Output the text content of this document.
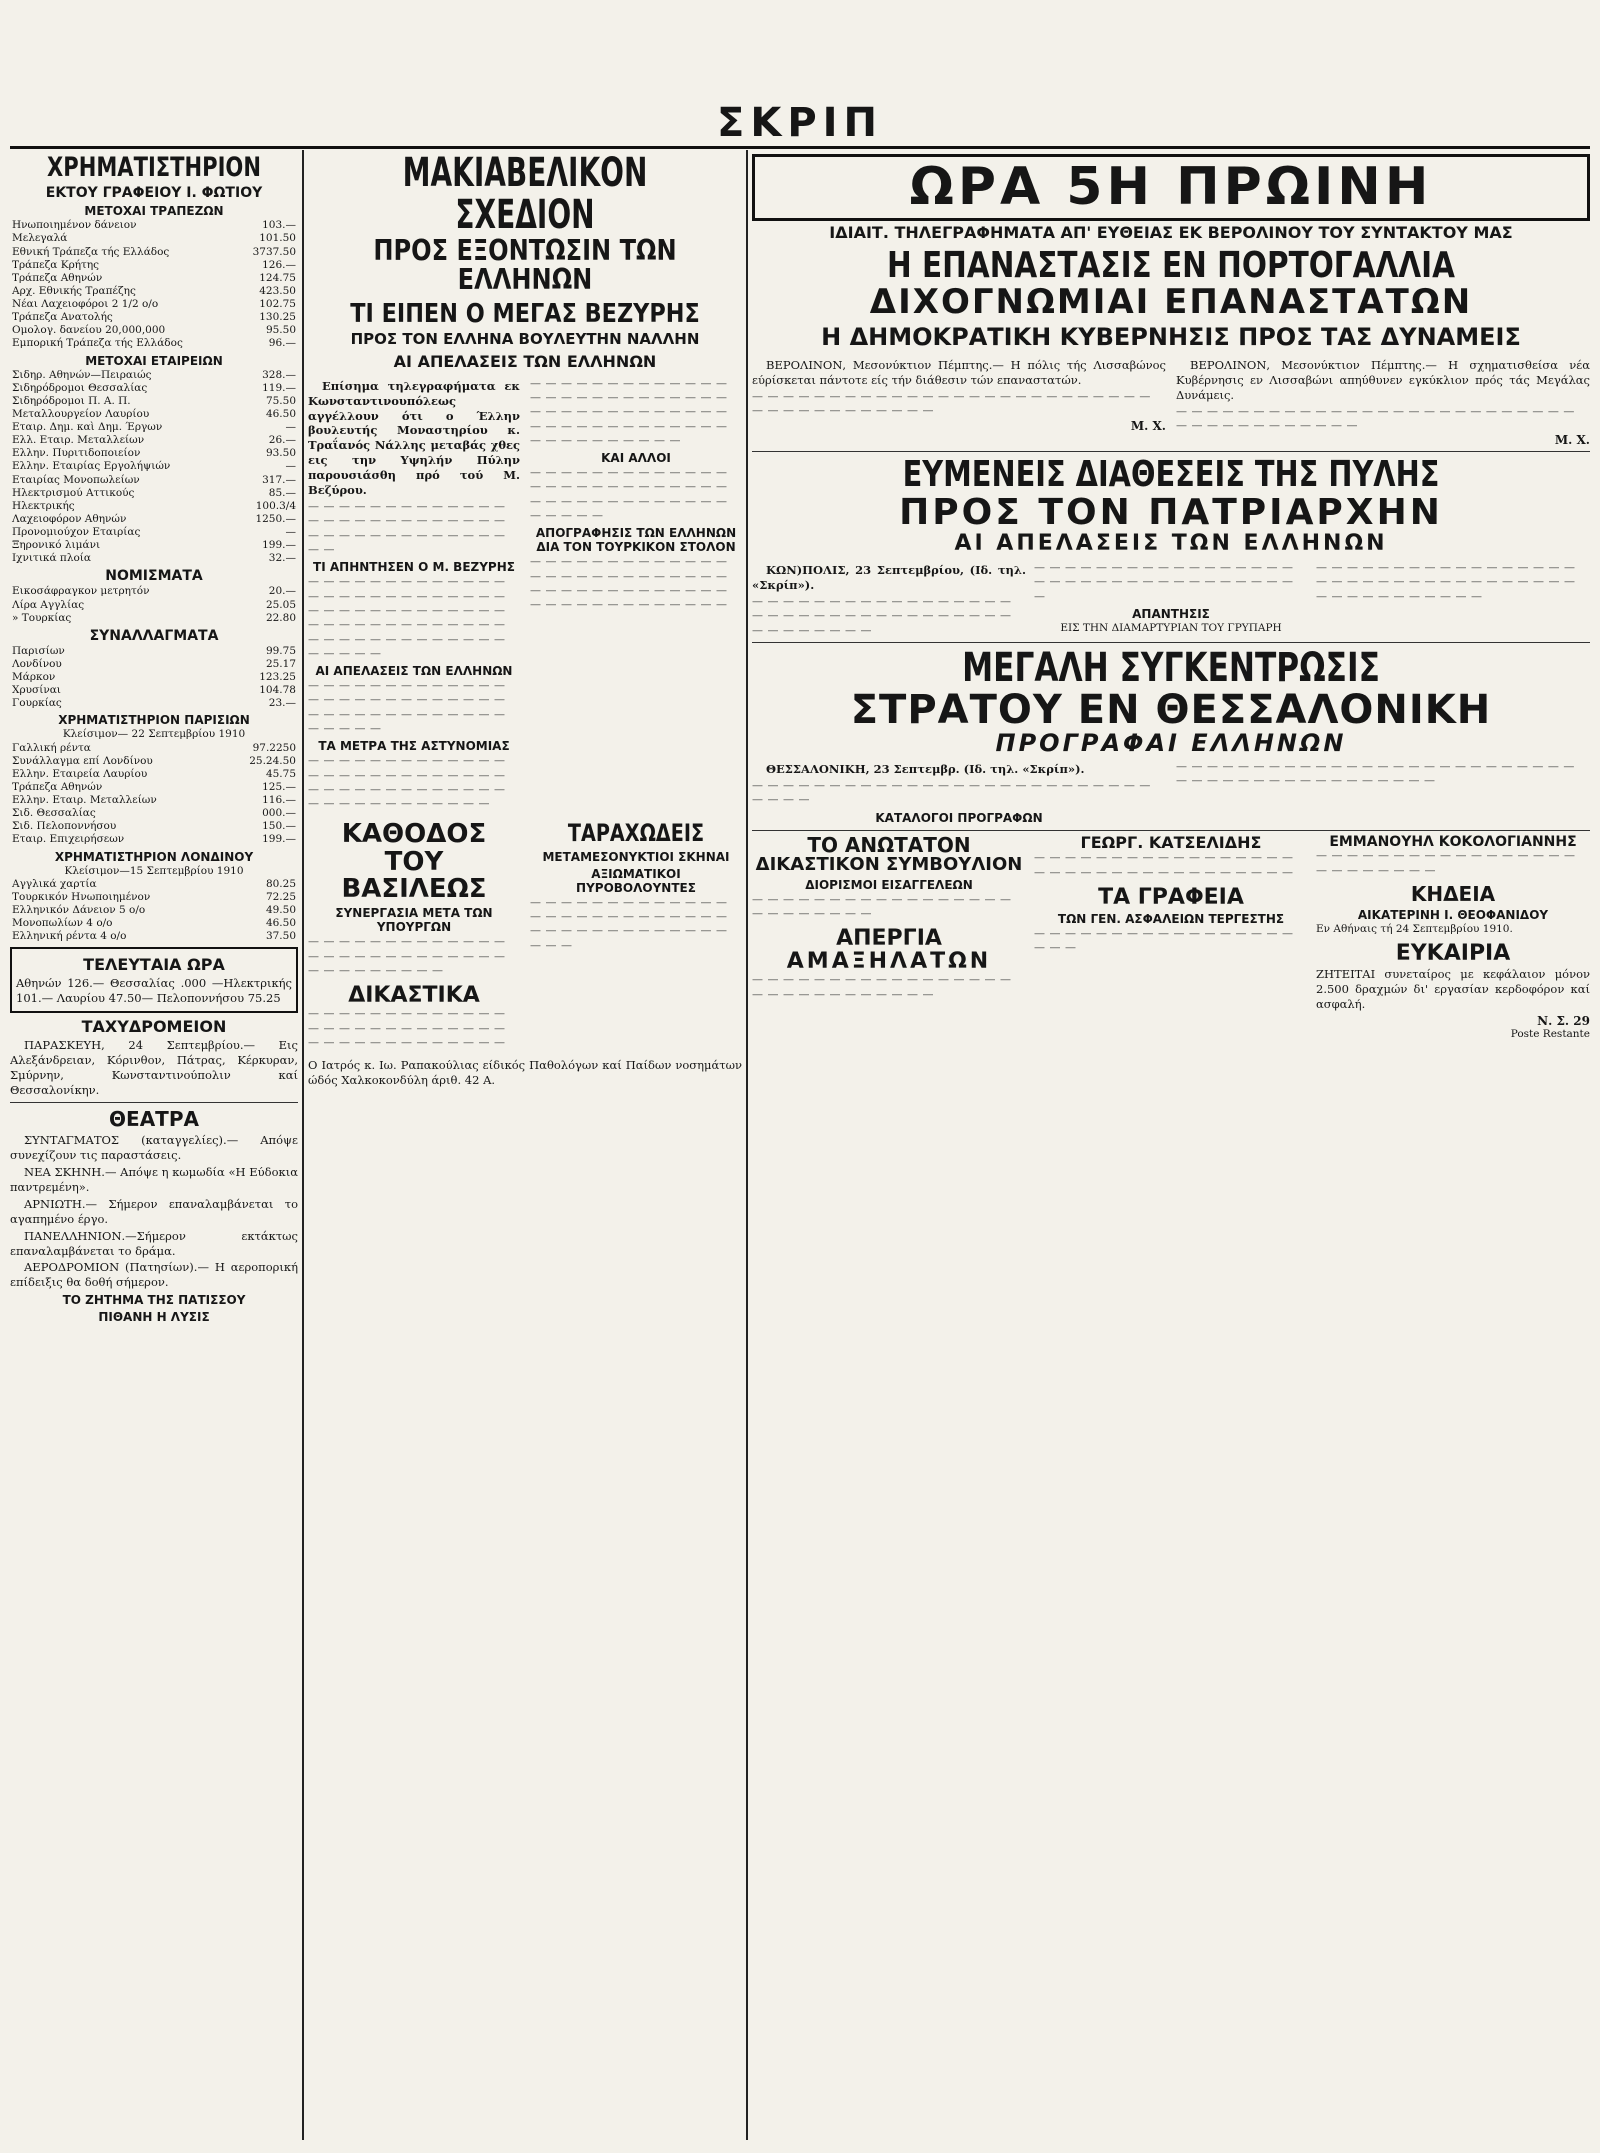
ΣΚΡΙΠ
ΧΡΗΜΑΤΙΣΤΗΡΙΟΝ
ΕΚΤΟΥ ΓΡΑΦΕΙΟΥ Ι. ΦΩΤΙΟΥ
ΜΕΤΟΧΑΙ ΤΡΑΠΕΖΩΝ
Ηνωποιημένον δάνειον	103.—
Μελεγαλά	101.50
Εθνική Τράπεζα τής Ελλάδος	3737.50
Τράπεζα Κρήτης	126.—
Τράπεζα Αθηνών	124.75
Αρχ. Εθνικής Τραπέζης	423.50
Νέαι Λαχειοφόροι 2 1/2 ο/ο	102.75
Τράπεζα Ανατολής	130.25
Ομολογ. δανείου 20,000,000	95.50
Εμπορική Τράπεζα τής Ελλάδος	96.—
ΜΕΤΟΧΑΙ ΕΤΑΙΡΕΙΩΝ
Σιδηρ. Αθηνών—Πειραιώς	328.—
Σιδηρόδρομοι Θεσσαλίας	119.—
Σιδηρόδρομοι Π. Α. Π.	75.50
Μεταλλουργείον Λαυρίου	46.50
Εταιρ. Δημ. καὶ Δημ. Έργων	—
Ελλ. Εταιρ. Μεταλλείων	26.—
Ελλην. Πυριτιδοποιείον	93.50
Ελλην. Εταιρίας Εργολήψιών	—
Εταιρίας Μονοπωλείων	317.—
Ηλεκτρισμού Αττικούς	85.—
Ηλεκτρικής	100.3/4
Λαχειοφόρον Αθηνών	1250.—
Προνομιούχον Εταιρίας	—
Ξηρονικό λιμάνι	199.—
Ιχνιτικά πλοία	32.—
ΝΟΜΙΣΜΑΤΑ
Εικοσάφραγκον μετρητόν	20.—
Λίρα Αγγλίας	25.05
» Τουρκίας	22.80
ΣΥΝΑΛΛΑΓΜΑΤΑ
Παρισίων	99.75
Λονδίνου	25.17
Μάρκον	123.25
Χρυσίναι	104.78
Γουρκίας	23.—
ΧΡΗΜΑΤΙΣΤΗΡΙΟΝ ΠΑΡΙΣΙΩΝ
Κλείσιμον— 22 Σεπτεμβρίου 1910
Γαλλική ρέντα	97.2250
Συνάλλαγμα επί Λονδίνου	25.24.50
Ελλην. Εταιρεία Λαυρίου	45.75
Τράπεζα Αθηνών	125.—
Ελλην. Εταιρ. Μεταλλείων	116.—
Σιδ. Θεσσαλίας	000.—
Σιδ. Πελοποννήσου	150.—
Εταιρ. Επιχειρήσεων	199.—
ΧΡΗΜΑΤΙΣΤΗΡΙΟΝ ΛΟΝΔΙΝΟΥ
Κλείσιμον—15 Σεπτεμβρίου 1910
Αγγλικά χαρτία	80.25
Τουρκικόν Ηνωποιημένον	72.25
Ελληνικόν Δάνειον 5 ο/ο	49.50
Μονοπωλίων 4 ο/ο	46.50
Ελληνική ρέντα 4 ο/ο	37.50
ΤΕΛΕΥΤΑΙΑ ΩΡΑ
Αθηνών 126.— Θεσσαλίας .000 —Ηλεκτρικής 101.— Λαυρίου 47.50— Πελοποννήσου 75.25
ΤΑΧΥΔΡΟΜΕΙΟΝ
ΠΑΡΑΣΚΕΥΗ, 24 Σεπτεμβρίου.— Εις Αλεξάνδρειαν, Κόρινθον, Πάτρας, Κέρκυραν, Σμύρνην, Κωνσταντινούπολιν καί Θεσσαλονίκην.
ΘΕΑΤΡΑ
ΣΥΝΤΑΓΜΑΤΟΣ (καταγγελίες).— Απόψε συνεχίζουν τις παραστάσεις.
ΝΕΑ ΣΚΗΝΗ.— Απόψε η κωμωδία «Η Εύδοκια παντρεμένη».
ΑΡΝΙΩΤΗ.— Σήμερον επαναλαμβάνεται το αγαπημένο έργο.
ΠΑΝΕΛΛΗΝΙΟΝ.—Σήμερον εκτάκτως επαναλαμβάνεται το δράμα.
ΑΕΡΟΔΡΟΜΙΟΝ (Πατησίων).— Η αεροπορική επίδειξις θα δοθή σήμερον.
ΤΟ ΖΗΤΗΜΑ ΤΗΣ ΠΑΤΙΣΣΟΥ
ΠΙΘΑΝΗ Η ΛΥΣΙΣ
ΜΑΚΙΑΒΕΛΙΚΟΝ ΣΧΕΔΙΟΝ
ΠΡΟΣ ΕΞΟΝΤΩΣΙΝ ΤΩΝ ΕΛΛΗΝΩΝ
ΤΙ ΕΙΠΕΝ Ο ΜΕΓΑΣ ΒΕΖΥΡΗΣ
ΠΡΟΣ ΤΟΝ ΕΛΛΗΝΑ ΒΟΥΛΕΥΤΗΝ ΝΑΛΛΗΝ
ΑΙ ΑΠΕΛΑΣΕΙΣ ΤΩΝ ΕΛΛΗΝΩΝ
Επίσημα τηλεγραφήματα εκ Κωνσταντινουπόλεως αγγέλλουν ότι ο Έλλην βουλευτής Μοναστηρίου κ. Τραΐανός Νάλλης μεταβάς χθες εις την Υψηλήν Πύλην παρουσιάσθη πρό τού Μ. Βεζύρου.
— — — — — — — — — — — — — — — — — — — — — — — — — — — — — — — — — — — — — — — — —
ΤΙ ΑΠΗΝΤΗΣΕΝ Ο Μ. ΒΕΖΥΡΗΣ
— — — — — — — — — — — — — — — — — — — — — — — — — — — — — — — — — — — — — — — — — — — — — — — — — — — — — — — — — — — — — — — — — — — — — —
ΑΙ ΑΠΕΛΑΣΕΙΣ ΤΩΝ ΕΛΛΗΝΩΝ
— — — — — — — — — — — — — — — — — — — — — — — — — — — — — — — — — — — — — — — — — — — —
ΤΑ ΜΕΤΡΑ ΤΗΣ ΑΣΤΥΝΟΜΙΑΣ
— — — — — — — — — — — — — — — — — — — — — — — — — — — — — — — — — — — — — — — — — — — — — — — — — — —
— — — — — — — — — — — — — — — — — — — — — — — — — — — — — — — — — — — — — — — — — — — — — — — — — — — — — — — — — — — — — —
ΚΑΙ ΑΛΛΟΙ
— — — — — — — — — — — — — — — — — — — — — — — — — — — — — — — — — — — — — — — — — — — —
ΑΠΟΓΡΑΦΗΣΙΣ ΤΩΝ ΕΛΛΗΝΩΝ ΔΙΑ ΤΟΝ ΤΟΥΡΚΙΚΟΝ ΣΤΟΛΟΝ
— — — — — — — — — — — — — — — — — — — — — — — — — — — — — — — — — — — — — — — — — — — — — — — — — — — —
ΚΑΘΟΔΟΣ
ΤΟΥ ΒΑΣΙΛΕΩΣ
ΣΥΝΕΡΓΑΣΙΑ ΜΕΤΑ ΤΩΝ ΥΠΟΥΡΓΩΝ
— — — — — — — — — — — — — — — — — — — — — — — — — — — — — — — — — — —
ΔΙΚΑΣΤΙΚΑ
— — — — — — — — — — — — — — — — — — — — — — — — — — — — — — — — — — — — — — —
ΤΑΡΑΧΩΔΕΙΣ
ΜΕΤΑΜΕΣΟΝΥΚΤΙΟΙ ΣΚΗΝΑΙ
ΑΞΙΩΜΑΤΙΚΟΙ ΠΥΡΟΒΟΛΟΥΝΤΕΣ
— — — — — — — — — — — — — — — — — — — — — — — — — — — — — — — — — — — — — — — — — —
Ο Ιατρός κ. Ιω. Ραπακούλιας είδικός Παθολόγων καί Παίδων νοσημάτων ώδός Χαλκοκονδύλη άριθ. 42 Α.
ΩΡΑ 5Η ΠΡΩΙΝΗ
ΙΔΙΑΙΤ. ΤΗΛΕΓΡΑΦΗΜΑΤΑ ΑΠ' ΕΥΘΕΙΑΣ ΕΚ ΒΕΡΟΛΙΝΟΥ ΤΟΥ ΣΥΝΤΑΚΤΟΥ ΜΑΣ
Η ΕΠΑΝΑΣΤΑΣΙΣ ΕΝ ΠΟΡΤΟΓΑΛΛΙΑ
ΔΙΧΟΓΝΩΜΙΑΙ ΕΠΑΝΑΣΤΑΤΩΝ
Η ΔΗΜΟΚΡΑΤΙΚΗ ΚΥΒΕΡΝΗΣΙΣ ΠΡΟΣ ΤΑΣ ΔΥΝΑΜΕΙΣ
ΒΕΡΟΛΙΝΟΝ, Μεσονύκτιον Πέμπτης.— Η πόλις τής Λισσαβώνος εύρίσκεται πάντοτε είς τήν διάθεσιν τών επαναστατών.
— — — — — — — — — — — — — — — — — — — — — — — — — — — — — — — — — — — — — —
Μ. Χ.
ΒΕΡΟΛΙΝΟΝ, Μεσονύκτιον Πέμπτης.— Η σχηματισθείσα νέα Κυβέρνησις εν Λισσαβώνι απηύθυνεν εγκύκλιον πρός τάς Μεγάλας Δυνάμεις.
— — — — — — — — — — — — — — — — — — — — — — — — — — — — — — — — — — — — — —
Μ. Χ.
ΕΥΜΕΝΕΙΣ ΔΙΑΘΕΣΕΙΣ ΤΗΣ ΠΥΛΗΣ
ΠΡΟΣ ΤΟΝ ΠΑΤΡΙΑΡΧΗΝ
ΑΙ ΑΠΕΛΑΣΕΙΣ ΤΩΝ ΕΛΛΗΝΩΝ
ΚΩΝ)ΠΟΛΙΣ, 23 Σεπτεμβρίου, (Ιδ. τηλ. «Σκρίπ»).
— — — — — — — — — — — — — — — — — — — — — — — — — — — — — — — — — — — — — — — — — —
— — — — — — — — — — — — — — — — — — — — — — — — — — — — — — — — — — —
ΑΠΑΝΤΗΣΙΣ
ΕΙΣ ΤΗΝ ΔΙΑΜΑΡΤΥΡΙΑΝ ΤΟΥ ΓΡΥΠΑΡΗ
— — — — — — — — — — — — — — — — — — — — — — — — — — — — — — — — — — — — — — — — — — — — —
ΜΕΓΑΛΗ ΣΥΓΚΕΝΤΡΩΣΙΣ
ΣΤΡΑΤΟΥ ΕΝ ΘΕΣΣΑΛΟΝΙΚΗ
ΠΡΟΓΡΑΦΑΙ ΕΛΛΗΝΩΝ
ΘΕΣΣΑΛΟΝΙΚΗ, 23 Σεπτεμβρ. (Ιδ. τηλ. «Σκρίπ»).
— — — — — — — — — — — — — — — — — — — — — — — — — — — — — —
ΚΑΤΑΛΟΓΟΙ ΠΡΟΓΡΑΦΩΝ
— — — — — — — — — — — — — — — — — — — — — — — — — — — — — — — — — — — — — — — — — — —
ΤΟ ΑΝΩΤΑΤΟΝ
ΔΙΚΑΣΤΙΚΟΝ ΣΥΜΒΟΥΛΙΟΝ
ΔΙΟΡΙΣΜΟΙ ΕΙΣΑΓΓΕΛΕΩΝ
— — — — — — — — — — — — — — — — — — — — — — — — —
ΑΠΕΡΓΙΑ
ΑΜΑΞΗΛΑΤΩΝ
— — — — — — — — — — — — — — — — — — — — — — — — — — — — —
ΓΕΩΡΓ. ΚΑΤΣΕΛΙΔΗΣ
— — — — — — — — — — — — — — — — — — — — — — — — — — — — — — — — — —
ΤΑ ΓΡΑΦΕΙΑ
ΤΩΝ ΓΕΝ. ΑΣΦΑΛΕΙΩΝ ΤΕΡΓΕΣΤΗΣ
— — — — — — — — — — — — — — — — — — — —
ΕΜΜΑΝΟΥΗΛ ΚΟΚΟΛΟΓΙΑΝΝΗΣ
— — — — — — — — — — — — — — — — — — — — — — — — —
ΚΗΔΕΙΑ
ΑΙΚΑΤΕΡΙΝΗ Ι. ΘΕΟΦΑΝΙΔΟΥ
Εν Αθήναις τή 24 Σεπτεμβρίου 1910.
ΕΥΚΑΙΡΙΑ
ΖΗΤΕΙΤΑΙ συνεταίρος με κεφάλαιον μόνον 2.500 δραχμών δι' εργασίαν κερδοφόρον καί ασφαλή.
Ν. Σ. 29
Poste Restante
